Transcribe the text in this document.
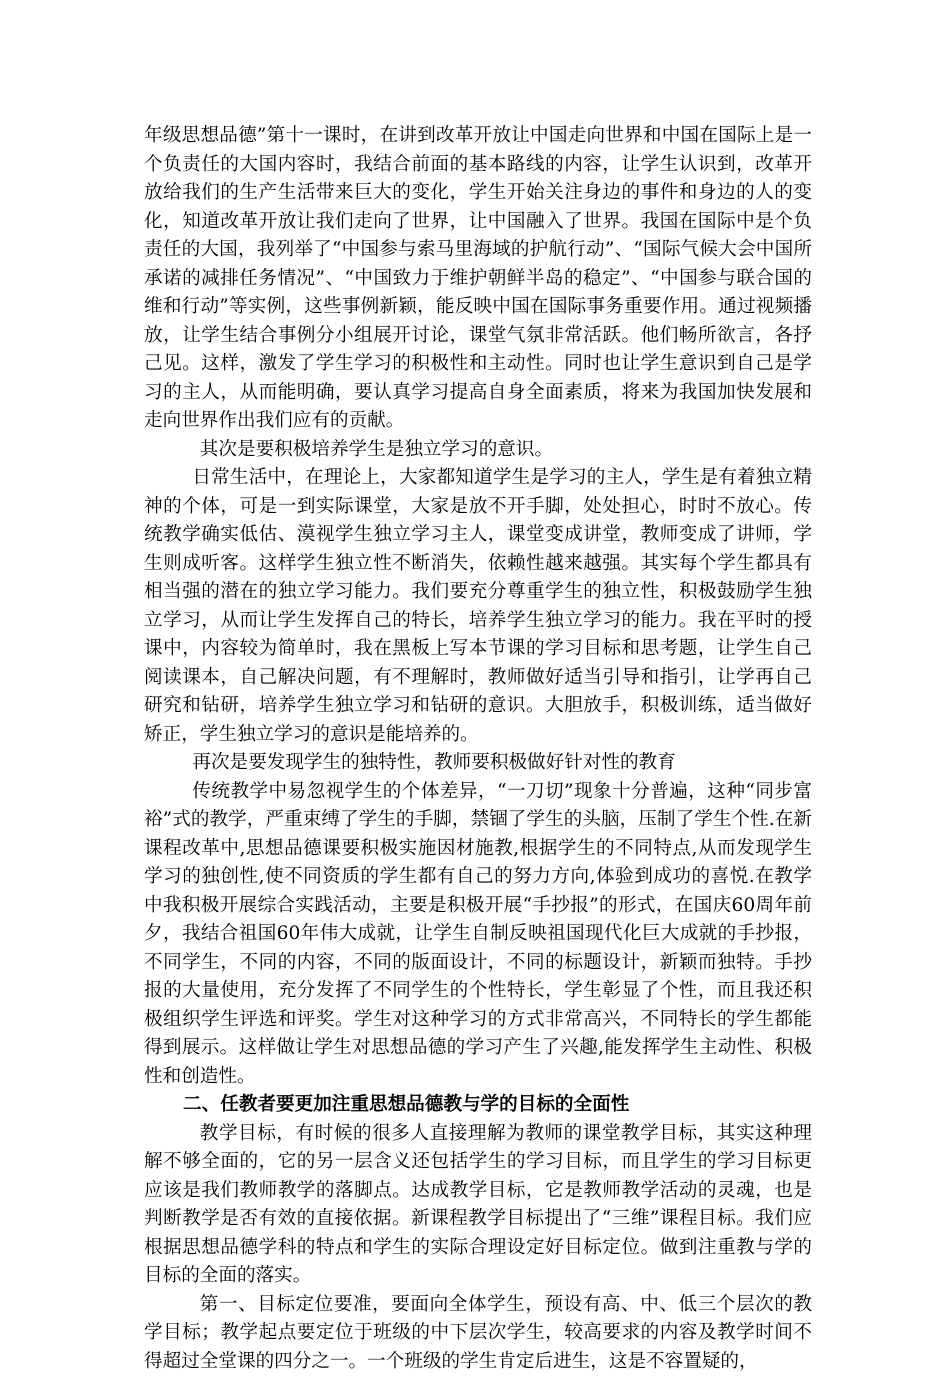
年级思想品德”第十一课时，在讲到改革开放让中国走向世界和中国在国际上是一个负责任的大国内容时，我结合前面的基本路线的内容，让学生认识到，改革开放给我们的生产生活带来巨大的变化，学生开始关注身边的事件和身边的人的变化，知道改革开放让我们走向了世界，让中国融入了世界。我国在国际中是个负责任的大国，我列举了“中国参与索马里海域的护航行动”、“国际气候大会中国所承诺的减排任务情况”、“中国致力于维护朝鲜半岛的稳定”、“中国参与联合国的维和行动”等实例，这些事例新颖，能反映中国在国际事务重要作用。通过视频播放，让学生结合事例分小组展开讨论，课堂气氛非常活跃。他们畅所欲言，各抒己见。这样，激发了学生学习的积极性和主动性。同时也让学生意识到自己是学习的主人，从而能明确，要认真学习提高自身全面素质，将来为我国加快发展和走向世界作出我们应有的贡献。

其次是要积极培养学生是独立学习的意识。

日常生活中，在理论上，大家都知道学生是学习的主人，学生是有着独立精神的个体，可是一到实际课堂，大家是放不开手脚，处处担心，时时不放心。传统教学确实低估、漠视学生独立学习主人，课堂变成讲堂，教师变成了讲师，学生则成听客。这样学生独立性不断消失，依赖性越来越强。其实每个学生都具有相当强的潜在的独立学习能力。我们要充分尊重学生的独立性，积极鼓励学生独立学习，从而让学生发挥自己的特长，培养学生独立学习的能力。我在平时的授课中，内容较为简单时，我在黑板上写本节课的学习目标和思考题，让学生自己阅读课本，自己解决问题，有不理解时，教师做好适当引导和指引，让学再自己研究和钻研，培养学生独立学习和钻研的意识。大胆放手，积极训练，适当做好矫正，学生独立学习的意识是能培养的。

再次是要发现学生的独特性，教师要积极做好针对性的教育

传统教学中易忽视学生的个体差异，“一刀切”现象十分普遍，这种“同步富裕”式的教学，严重束缚了学生的手脚，禁锢了学生的头脑，压制了学生个性.在新课程改革中,思想品德课要积极实施因材施教,根据学生的不同特点,从而发现学生学习的独创性,使不同资质的学生都有自己的努力方向,体验到成功的喜悦.在教学中我积极开展综合实践活动，主要是积极开展“手抄报”的形式，在国庆60周年前夕，我结合祖国60年伟大成就，让学生自制反映祖国现代化巨大成就的手抄报，不同学生，不同的内容，不同的版面设计，不同的标题设计，新颖而独特。手抄报的大量使用，充分发挥了不同学生的个性特长，学生彰显了个性，而且我还积极组织学生评选和评奖。学生对这种学习的方式非常高兴，不同特长的学生都能得到展示。这样做让学生对思想品德的学习产生了兴趣,能发挥学生主动性、积极性和创造性。

二、任教者要更加注重思想品德教与学的目标的全面性

教学目标，有时候的很多人直接理解为教师的课堂教学目标，其实这种理解不够全面的，它的另一层含义还包括学生的学习目标，而且学生的学习目标更应该是我们教师教学的落脚点。达成教学目标，它是教师教学活动的灵魂，也是判断教学是否有效的直接依据。新课程教学目标提出了“三维”课程目标。我们应根据思想品德学科的特点和学生的实际合理设定好目标定位。做到注重教与学的目标的全面的落实。

第一、目标定位要准，要面向全体学生，预设有高、中、低三个层次的教学目标；教学起点要定位于班级的中下层次学生，较高要求的内容及教学时间不得超过全堂课的四分之一。一个班级的学生肯定后进生，这是不容置疑的，
